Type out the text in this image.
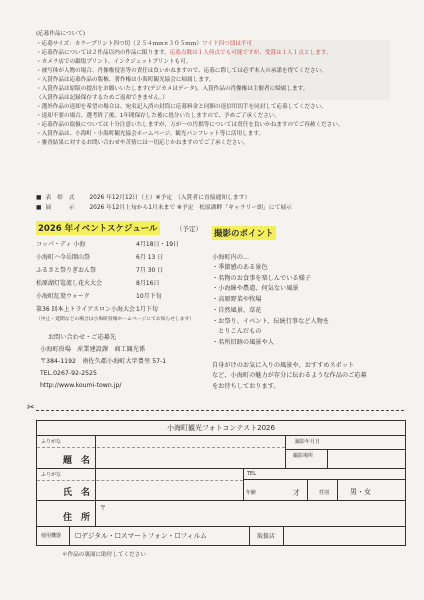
(応募作品について)
・応募サイズ：カラープリント四つ切（２５４ｍｍ×３０５ｍｍ）ワイド四つ切は不可
・応募作品については２作品以内の作品に限ります。応募点数は１人何点でも可能ですが、受賞は１人１点とします。
・カメラ店での銀塩プリント、インクジェットプリントも可。
・被写体が人物の場合、肖像権侵害等の責任は負いかねますので、応募に際しては必ず本人の承諾を得てください。
・入賞作品は応募作品の版権、著作権は小海町観光協会に帰属します。
・入賞作品は原版の提出をお願いいたします(デジカメはデータ)。入賞作品の肖像権は主催者に帰属します。
（入賞作品は記録保存するためご返却できません。）
・選外作品の返却を希望の場合は、宛名記入済の封筒に応募料金と同額の返信用切手を同封して応募してください。
・返却不要の場合、選考終了後、1年間保存した後に処分いたしますので、予めご了承ください。
・応募作品の取扱については十分注意いたしますが、万が一の汚損等については責任を負いかねますのでご容赦ください。
・入賞作品は、小海町・小海町観光協会ホームページ、観光パンフレット等に活用します。
・審査結果に対するお問い合わせや苦情には一切応じかねますのでご了承ください。
■ 表　彰　式	2026 年12月12日（土）※予定　（入賞者に直接通知します）
■ 展　　　示	2026 年12月上旬から1月末まで ※予定　松原湖畔「ギャラリー朗」にて展示
2026 年イベントスケジュール	（予定）
コッパ・ディ 小海	4月18日・19日
小海町ハ今岳開山祭	6月 13 日
ふるさと祭りぎおん祭	7月 30 日
松原湖灯篭流し花火大会	8月16日
小海町紅葉ウォーク	10月下旬
第36 回本上トライアスロン小海大会 1月下旬
（中止・延期などの場合は小海町役場ホームページにてお知らせします）
お問い合わせ・ご応募先
小海町役場　産業建設課　商工観光係
〒384-1192　南佐久郡小海町大字豊里 57-1
TEL.0267-92-2525
http://www.koumi-town.jp/
撮影のポイント
小海町内の…
・季節感のある景色
・名物のお食事を楽しんでいる様子
・小海線や農道、何気ない風景
・高原野菜や牧場
・自然風景、草花
・お祭り、イベント、伝統行事など人物を
　とりこんだもの
・名所旧跡の風景や人
自身がけのお気に入りの風景や、おすすめスポット
など、小海町の魅力が存分に伝わるような作品のご応募
をお待ちしております。
✂
小海町観光フォトコンテスト2026
ふりがな	撮影年月日
題　名	撮影場所
ふりがな	TEL
氏　名	年齢	才	性別	男・女
〒
住　所
使用機器 ☐デジタル・☐スマートフォン・☐フィルム	取扱店
＊作品の裏面に貼付してください
